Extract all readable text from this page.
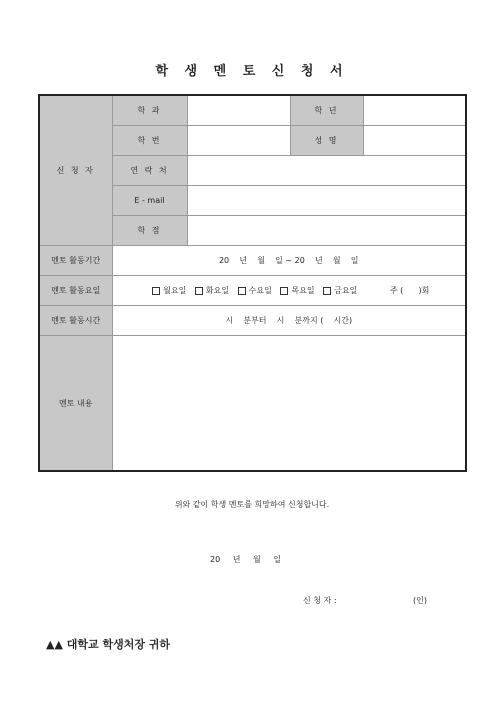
학 생 멘 토 신 청 서
신 청 자	학 과		학 년	
	학 번		성 명	
	연 락 처			
	E - mail			
	학 점			
멘토 활동기간	20    년    월    일 ~ 20    년    월    일			
멘토 활동요일	월요일 화요일 수요일 목요일 금요일 주 (      )회			
멘토 활동시간	시    분부터    시    분까지 (    시간)			
멘토 내용				
위와 같이 학생 멘토를 희망하여 신청합니다.
20 년 월 일
신 청 자 :	(인)
▲▲ 대학교 학생처장 귀하
